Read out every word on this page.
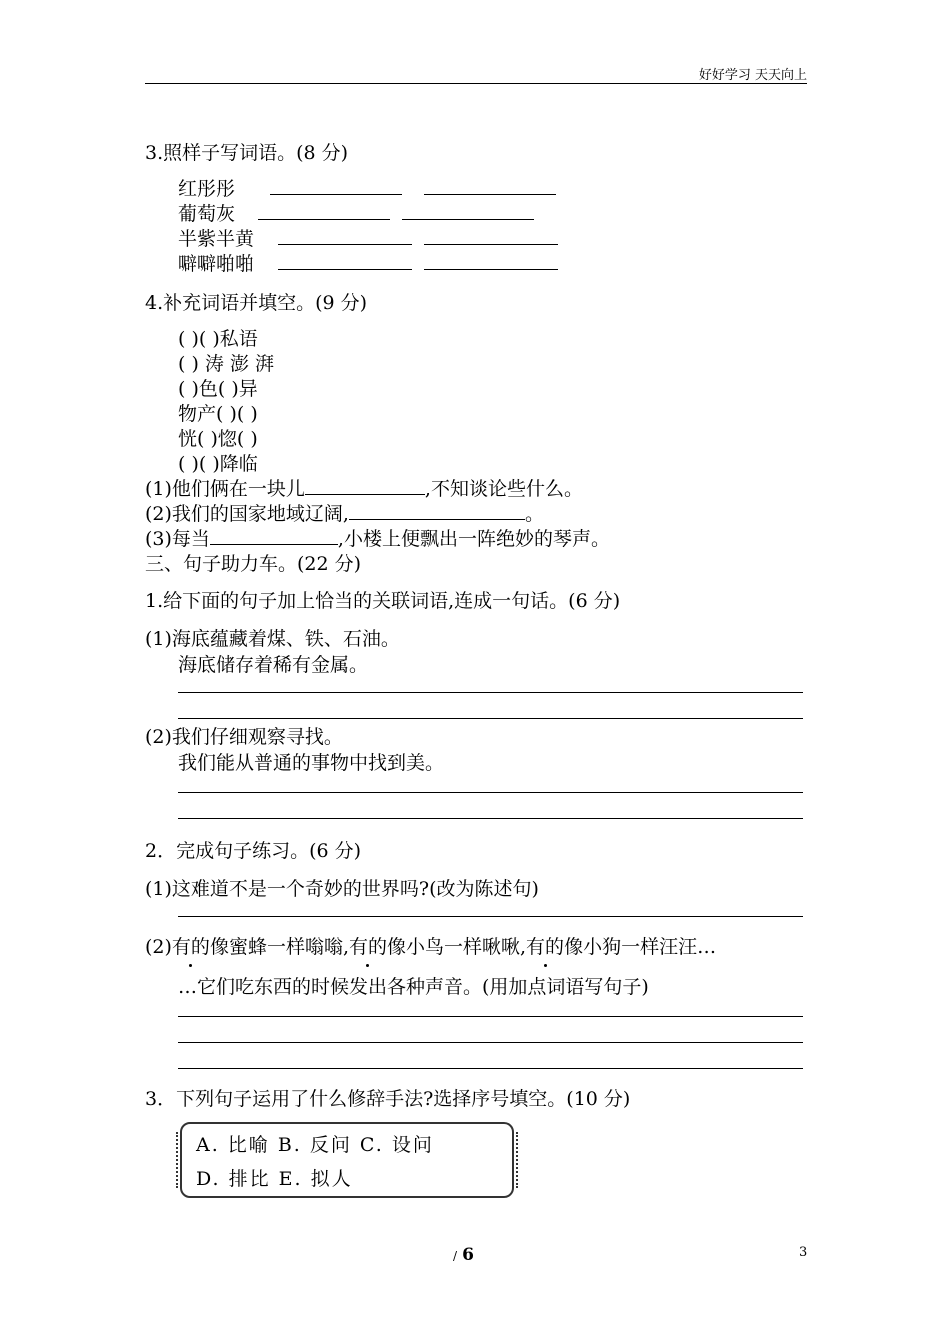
好好学习 天天向上
3.照样子写词语。(8 分)
红彤彤
葡萄灰
半紫半黄
噼噼啪啪
4.补充词语并填空。(9 分)
( )( )私语
( ) 涛 澎 湃
( )色( )异
物产( )( )
恍( )惚( )
( )( )降临
(1)他们俩在一块儿	,不知谈论些什么。
(2)我们的国家地域辽阔,	。
(3)每当	,小楼上便飘出一阵绝妙的琴声。
三、句子助力车。(22 分)
1.给下面的句子加上恰当的关联词语,连成一句话。(6 分)
(1)海底蕴藏着煤、铁、石油。
海底储存着稀有金属。
(2)我们仔细观察寻找。
我们能从普通的事物中找到美。
2．完成句子练习。(6 分)
(1)这难道不是一个奇妙的世界吗?(改为陈述句)
(2)有的像蜜蜂一样嗡嗡,有的像小鸟一样啾啾,有的像小狗一样汪汪…
…它们吃东西的时候发出各种声音。(用加点词语写句子)
3．下列句子运用了什么修辞手法?选择序号填空。(10 分)
A. 比喻 B. 反问 C. 设问
D. 排比 E. 拟人
/ 6	3
